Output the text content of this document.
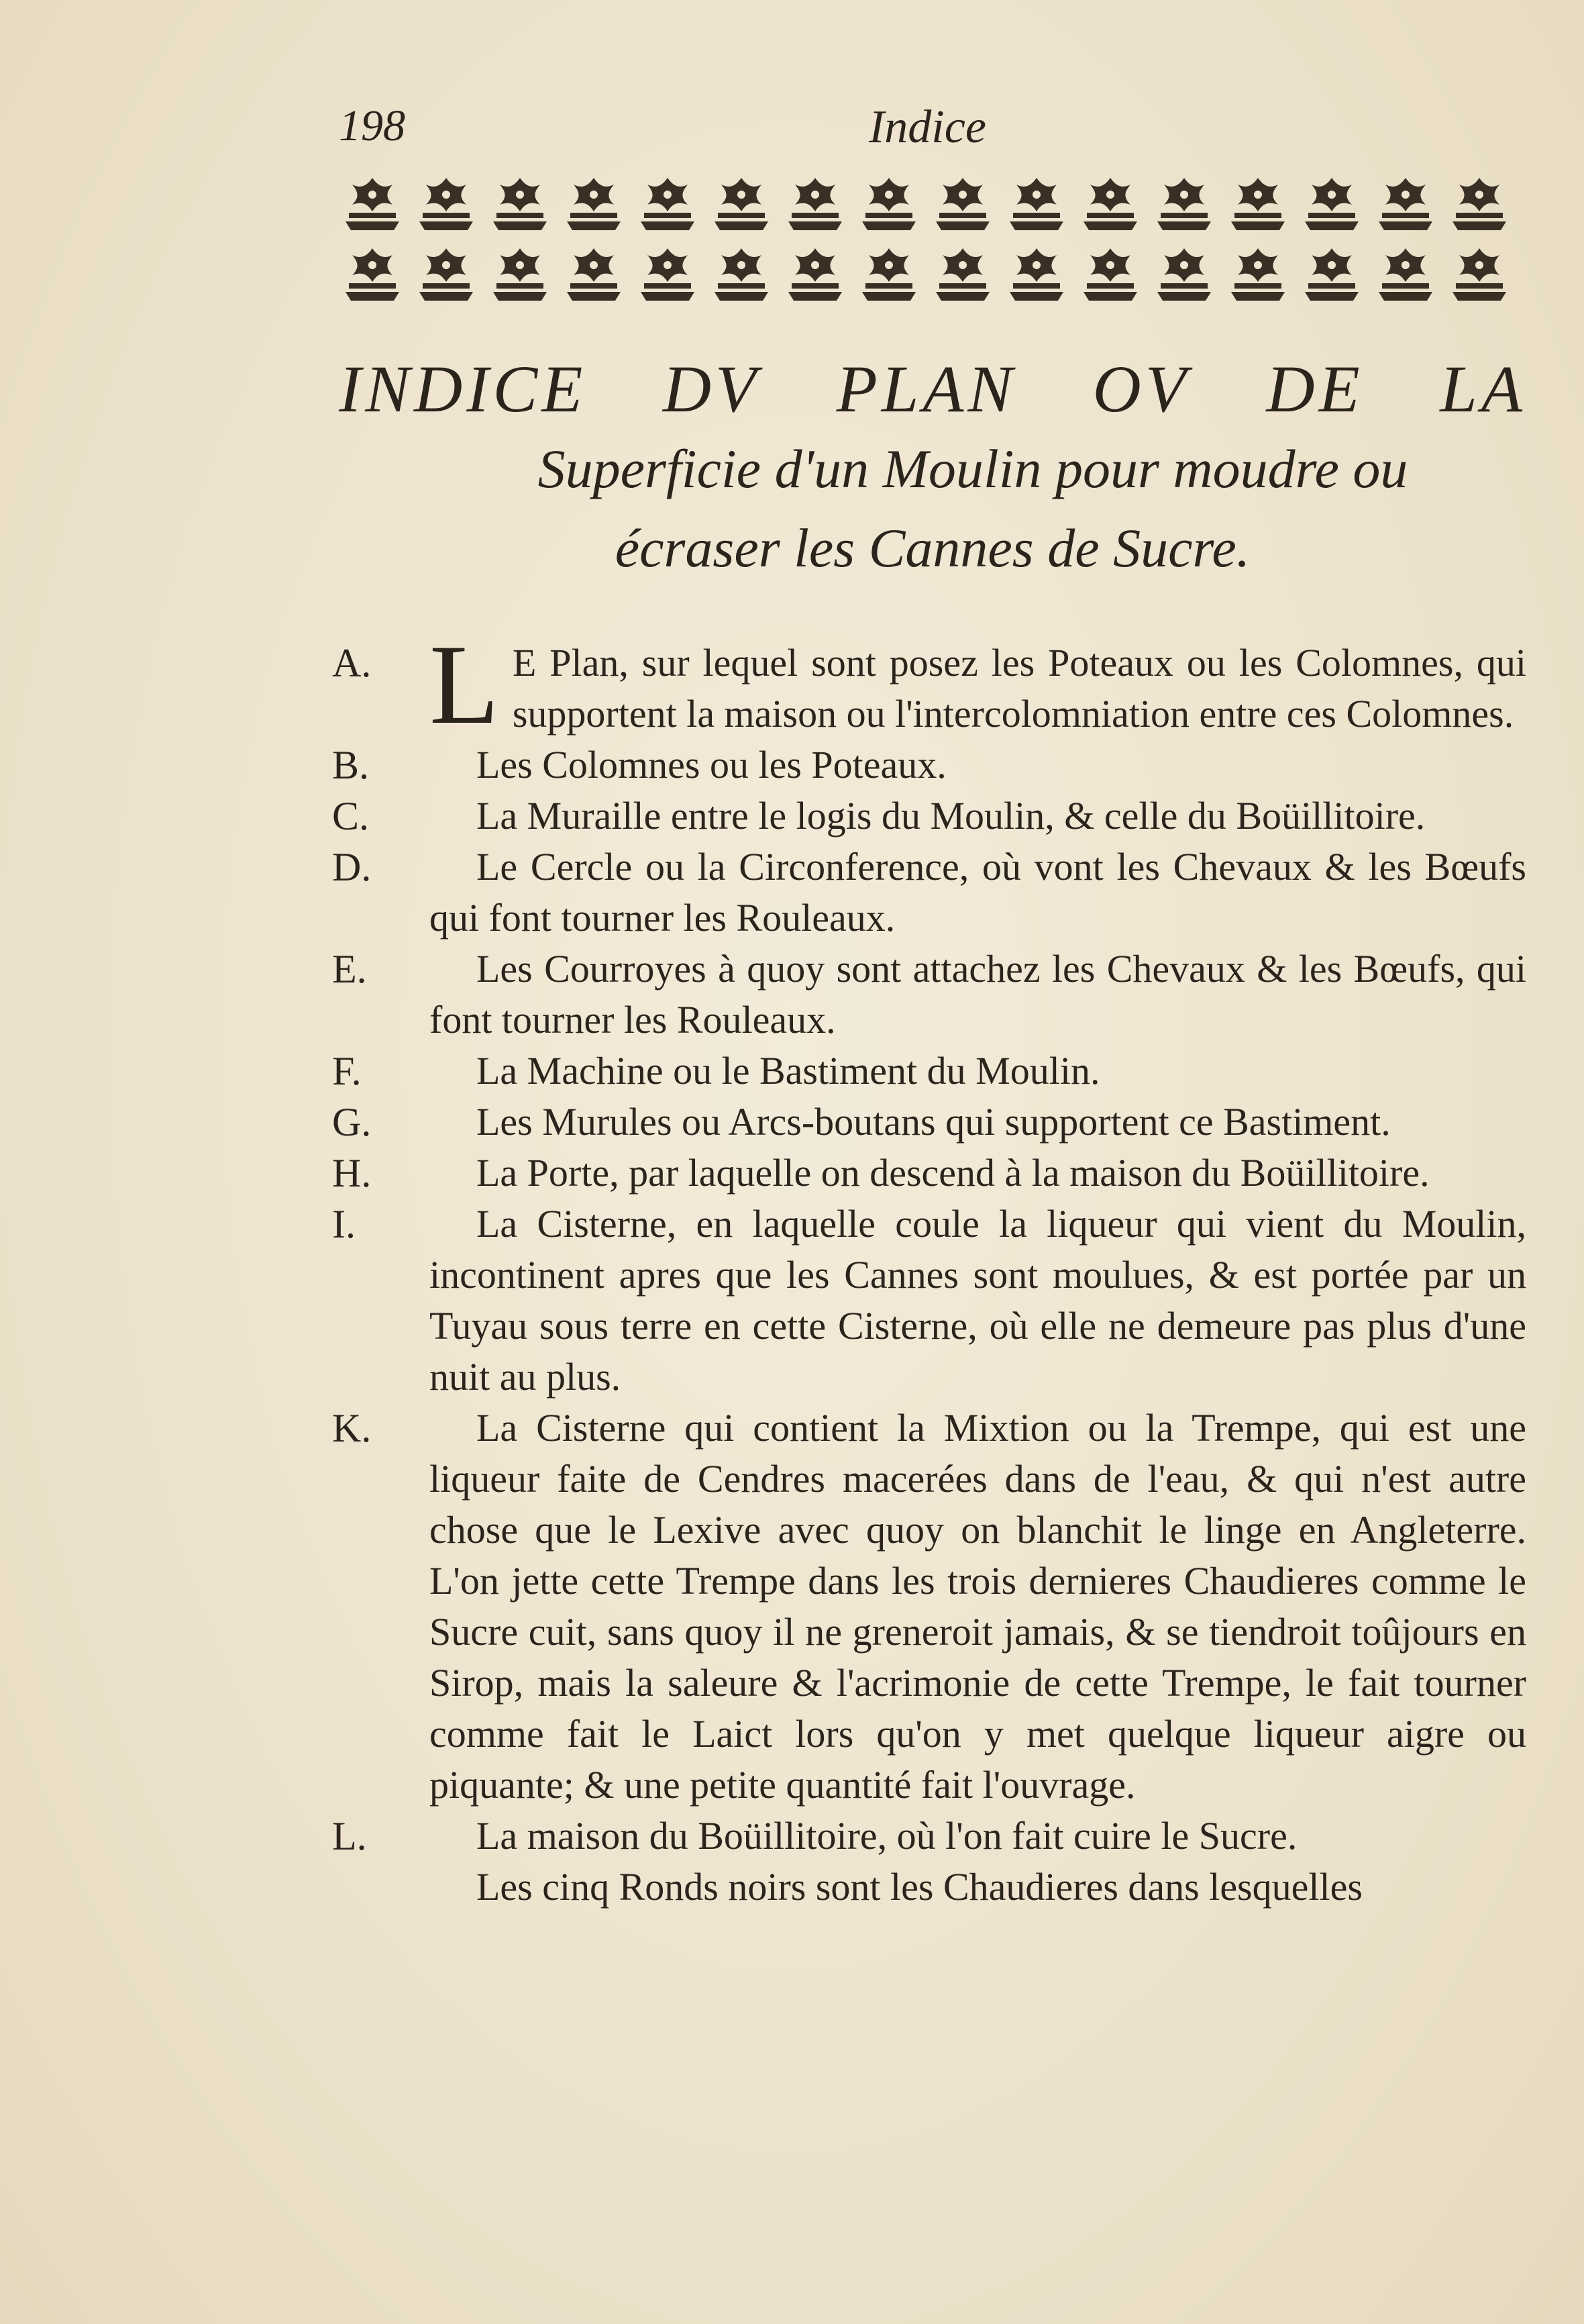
198	Indice
INDICE DV PLAN OV DE LA
Superficie d'un Moulin pour moudre ou
écraser les Cannes de Sucre.
A. L E Plan, sur lequel sont posez les Poteaux ou les Colomnes, qui supportent la maison ou l'intercolomniation entre ces Colomnes.
B.	Les Colomnes ou les Poteaux.
C.	La Muraille entre le logis du Moulin, & celle du Boüillitoire.
D.	Le Cercle ou la Circonference, où vont les Chevaux & les Bœufs qui font tourner les Rouleaux.
E.	Les Courroyes à quoy sont attachez les Chevaux & les Bœufs, qui font tourner les Rouleaux.
F.	La Machine ou le Bastiment du Moulin.
G.	Les Murules ou Arcs-boutans qui supportent ce Bastiment.
H.	La Porte, par laquelle on descend à la maison du Boüillitoire.
I.	La Cisterne, en laquelle coule la liqueur qui vient du Moulin, incontinent apres que les Cannes sont moulues, & est portée par un Tuyau sous terre en cette Cisterne, où elle ne demeure pas plus d'une nuit au plus.
K.	La Cisterne qui contient la Mixtion ou la Trempe, qui est une liqueur faite de Cendres macerées dans de l'eau, & qui n'est autre chose que le Lexive avec quoy on blanchit le linge en Angleterre. L'on jette cette Trempe dans les trois dernieres Chaudieres comme le Sucre cuit, sans quoy il ne greneroit jamais, & se tiendroit toûjours en Sirop, mais la saleure & l'acrimonie de cette Trempe, le fait tourner comme fait le Laict lors qu'on y met quelque liqueur aigre ou piquante; & une petite quantité fait l'ouvrage.
L.	La maison du Boüillitoire, où l'on fait cuire le Sucre.
Les cinq Ronds noirs sont les Chaudieres dans lesquelles
